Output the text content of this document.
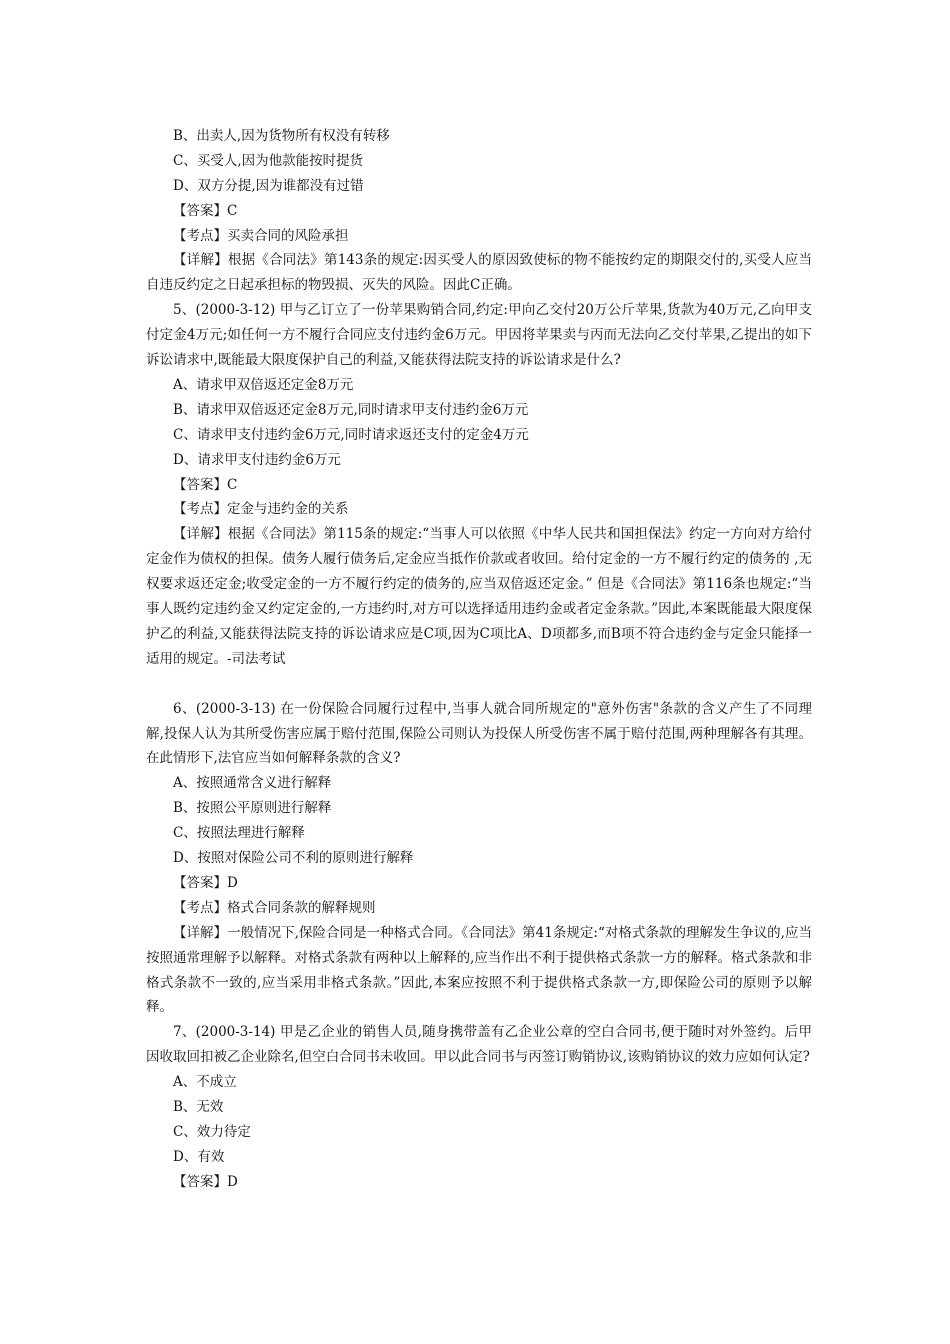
B、出卖人,因为货物所有权没有转移
C、买受人,因为他款能按时提货
D、双方分提,因为谁都没有过错
【答案】C
【考点】买卖合同的风险承担
【详解】根据《合同法》第143条的规定:因买受人的原因致使标的物不能按约定的期限交付的,买受人应当自违反约定之日起承担标的物毁损、灭失的风险。因此C正确。
5、(2000-3-12) 甲与乙订立了一份苹果购销合同,约定:甲向乙交付20万公斤苹果,货款为40万元,乙向甲支付定金4万元;如任何一方不履行合同应支付违约金6万元。甲因将苹果卖与丙而无法向乙交付苹果,乙提出的如下诉讼请求中,既能最大限度保护自己的利益,又能获得法院支持的诉讼请求是什么?
A、请求甲双倍返还定金8万元
B、请求甲双倍返还定金8万元,同时请求甲支付违约金6万元
C、请求甲支付违约金6万元,同时请求返还支付的定金4万元
D、请求甲支付违约金6万元
【答案】C
【考点】定金与违约金的关系
【详解】根据《合同法》第115条的规定:“当事人可以依照《中华人民共和国担保法》约定一方向对方给付定金作为债权的担保。债务人履行债务后,定金应当抵作价款或者收回。给付定金的一方不履行约定的债务的 ,无权要求返还定金;收受定金的一方不履行约定的债务的,应当双倍返还定金。” 但是《合同法》第116条也规定:“当事人既约定违约金又约定定金的,一方违约时,对方可以选择适用违约金或者定金条款。”因此,本案既能最大限度保护乙的利益,又能获得法院支持的诉讼请求应是C项,因为C项比A、D项都多,而B项不符合违约金与定金只能择一适用的规定。-司法考试
6、(2000-3-13) 在一份保险合同履行过程中,当事人就合同所规定的"意外伤害"条款的含义产生了不同理解,投保人认为其所受伤害应属于赔付范围,保险公司则认为投保人所受伤害不属于赔付范围,两种理解各有其理。在此情形下,法官应当如何解释条款的含义?
A、按照通常含义进行解释
B、按照公平原则进行解释
C、按照法理进行解释
D、按照对保险公司不利的原则进行解释
【答案】D
【考点】格式合同条款的解释规则
【详解】一般情况下,保险合同是一种格式合同。《合同法》第41条规定:“对格式条款的理解发生争议的,应当按照通常理解予以解释。对格式条款有两种以上解释的,应当作出不利于提供格式条款一方的解释。格式条款和非格式条款不一致的,应当采用非格式条款。”因此,本案应按照不利于提供格式条款一方,即保险公司的原则予以解释。
7、(2000-3-14) 甲是乙企业的销售人员,随身携带盖有乙企业公章的空白合同书,便于随时对外签约。后甲因收取回扣被乙企业除名,但空白合同书未收回。甲以此合同书与丙签订购销协议,该购销协议的效力应如何认定?
A、不成立
B、无效
C、效力待定
D、有效
【答案】D
